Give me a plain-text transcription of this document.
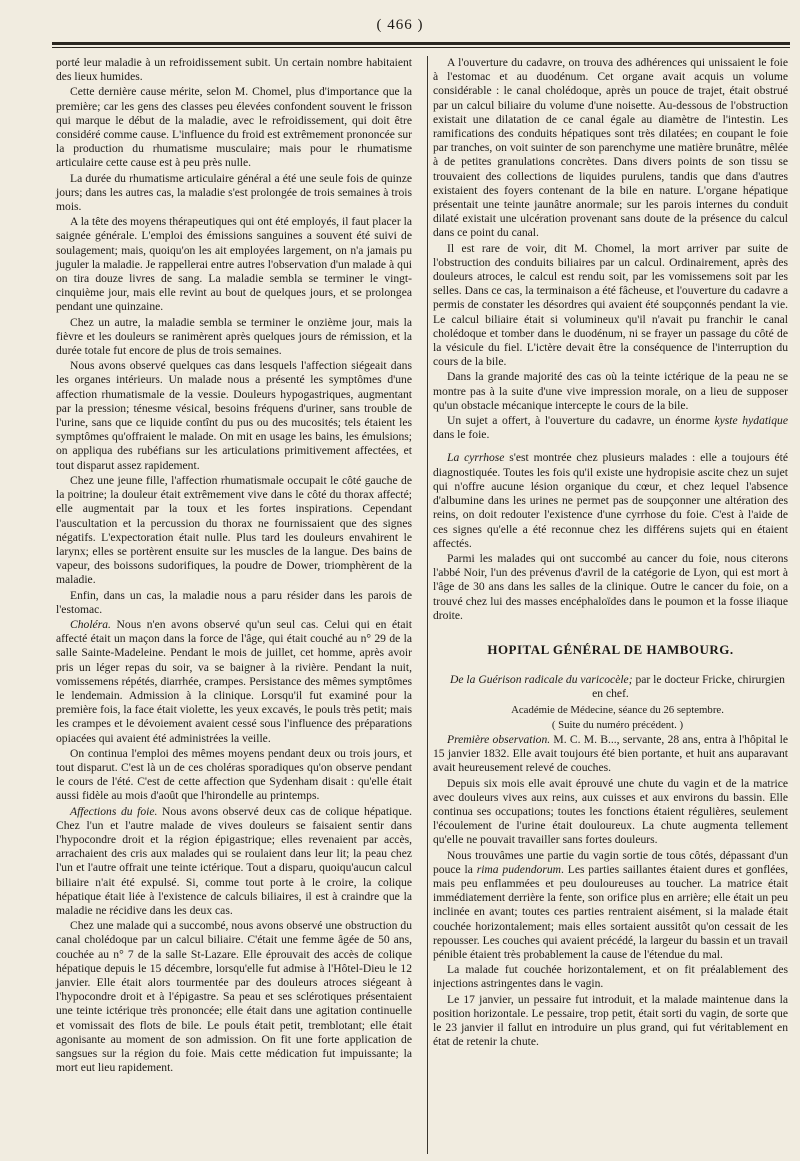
( 466 )

porté leur maladie à un refroidissement subit. Un certain nombre habitaient des lieux humides.

Cette dernière cause mérite, selon M. Chomel, plus d'importance que la première; car les gens des classes peu élevées confondent souvent le frisson qui marque le début de la maladie, avec le refroidissement, qui doit être considéré comme cause. L'influence du froid est extrêmement prononcée sur la production du rhumatisme musculaire; mais pour le rhumatisme articulaire cette cause est à peu près nulle.

La durée du rhumatisme articulaire général a été une seule fois de quinze jours; dans les autres cas, la maladie s'est prolongée de trois semaines à trois mois.

A la tête des moyens thérapeutiques qui ont été employés, il faut placer la saignée générale. L'emploi des émissions sanguines a souvent été suivi de soulagement; mais, quoiqu'on les ait employées largement, on n'a jamais pu juguler la maladie. Je rappellerai entre autres l'observation d'un malade à qui on tira douze livres de sang. La maladie sembla se terminer le vingt-cinquième jour, mais elle revint au bout de quelques jours, et se prolongea pendant une quinzaine.

Chez un autre, la maladie sembla se terminer le onzième jour, mais la fièvre et les douleurs se ranimèrent après quelques jours de rémission, et la durée totale fut encore de plus de trois semaines.

Nous avons observé quelques cas dans lesquels l'affection siégeait dans les organes intérieurs. Un malade nous a présenté les symptômes d'une affection rhumatismale de la vessie. Douleurs hypogastriques, augmentant par la pression; ténesme vésical, besoins fréquens d'uriner, sans trouble de l'urine, sans que ce liquide contînt du pus ou des mucosités; tels étaient les symptômes qu'offraient le malade. On mit en usage les bains, les émulsions; on appliqua des rubéfians sur les articulations primitivement affectées, et tout disparut assez rapidement.

Chez une jeune fille, l'affection rhumatismale occupait le côté gauche de la poitrine; la douleur était extrêmement vive dans le côté du thorax affecté; elle augmentait par la toux et les fortes inspirations. Cependant l'auscultation et la percussion du thorax ne fournissaient que des signes négatifs. L'expectoration était nulle. Plus tard les douleurs envahirent le larynx; elles se portèrent ensuite sur les muscles de la langue. Des bains de vapeur, des boissons sudorifiques, la poudre de Dower, triomphèrent de la maladie.

Enfin, dans un cas, la maladie nous a paru résider dans les parois de l'estomac.

Choléra. Nous n'en avons observé qu'un seul cas. Celui qui en était affecté était un maçon dans la force de l'âge, qui était couché au n° 29 de la salle Sainte-Madeleine. Pendant le mois de juillet, cet homme, après avoir pris un léger repas du soir, va se baigner à la rivière. Pendant la nuit, vomissemens répétés, diarrhée, crampes. Persistance des mêmes symptômes le lendemain. Admission à la clinique. Lorsqu'il fut examiné pour la première fois, la face était violette, les yeux excavés, le pouls très petit; mais les crampes et le dévoiement avaient cessé sous l'influence des préparations opiacées qui avaient été administrées la veille.

On continua l'emploi des mêmes moyens pendant deux ou trois jours, et tout disparut. C'est là un de ces choléras sporadiques qu'on observe pendant le cours de l'été. C'est de cette affection que Sydenham disait : qu'elle était aussi fidèle au mois d'août que l'hirondelle au printemps.

Affections du foie. Nous avons observé deux cas de colique hépatique. Chez l'un et l'autre malade de vives douleurs se faisaient sentir dans l'hypocondre droit et la région épigastrique; elles revenaient par accès, arrachaient des cris aux malades qui se roulaient dans leur lit; la peau chez l'un et l'autre offrait une teinte ictérique. Tout a disparu, quoiqu'aucun calcul biliaire n'ait été expulsé. Si, comme tout porte à le croire, la colique hépatique était liée à l'existence de calculs biliaires, il est à craindre que la maladie ne récidive dans les deux cas.

Chez une malade qui a succombé, nous avons observé une obstruction du canal cholédoque par un calcul biliaire. C'était une femme âgée de 50 ans, couchée au n° 7 de la salle St-Lazare. Elle éprouvait des accès de colique hépatique depuis le 15 décembre, lorsqu'elle fut admise à l'Hôtel-Dieu le 12 janvier. Elle était alors tourmentée par des douleurs atroces siégeant à l'hypocondre droit et à l'épigastre. Sa peau et ses sclérotiques présentaient une teinte ictérique très prononcée; elle était dans une agitation continuelle et vomissait des flots de bile. Le pouls était petit, tremblotant; elle était agonisante au moment de son admission. On fit une forte application de sangsues sur la région du foie. Mais cette médication fut impuissante; la mort eut lieu rapidement.

A l'ouverture du cadavre, on trouva des adhérences qui unissaient le foie à l'estomac et au duodénum. Cet organe avait acquis un volume considérable : le canal cholédoque, après un pouce de trajet, était obstrué par un calcul biliaire du volume d'une noisette. Au-dessous de l'obstruction existait une dilatation de ce canal égale au diamètre de l'intestin. Les ramifications des conduits hépatiques sont très dilatées; en coupant le foie par tranches, on voit suinter de son parenchyme une matière brunâtre, mêlée à de petites granulations concrètes. Dans divers points de son tissu se trouvaient des collections de liquides purulens, tandis que dans d'autres existaient des foyers contenant de la bile en nature. L'organe hépatique présentait une teinte jaunâtre anormale; sur les parois internes du conduit dilaté existait une ulcération provenant sans doute de la présence du calcul dans ce point du canal.

Il est rare de voir, dit M. Chomel, la mort arriver par suite de l'obstruction des conduits biliaires par un calcul. Ordinairement, après des douleurs atroces, le calcul est rendu soit, par les vomissemens soit par les selles. Dans ce cas, la terminaison a été fâcheuse, et l'ouverture du cadavre a permis de constater les désordres qui avaient été soupçonnés pendant la vie. Le calcul biliaire était si volumineux qu'il n'avait pu franchir le canal cholédoque et tomber dans le duodénum, ni se frayer un passage du côté de la vésicule du fiel. L'ictère devait être la conséquence de l'interruption du cours de la bile.

Dans la grande majorité des cas où la teinte ictérique de la peau ne se montre pas à la suite d'une vive impression morale, on a lieu de supposer qu'un obstacle mécanique intercepte le cours de la bile.

Un sujet a offert, à l'ouverture du cadavre, un énorme kyste hydatique dans le foie.

La cyrrhose s'est montrée chez plusieurs malades : elle a toujours été diagnostiquée. Toutes les fois qu'il existe une hydropisie ascite chez un sujet qui n'offre aucune lésion organique du cœur, et chez lequel l'absence d'albumine dans les urines ne permet pas de soupçonner une altération des reins, on doit redouter l'existence d'une cyrrhose du foie. C'est à l'aide de ces signes qu'elle a été reconnue chez les différens sujets qui en étaient affectés.

Parmi les malades qui ont succombé au cancer du foie, nous citerons l'abbé Noir, l'un des prévenus d'avril de la catégorie de Lyon, qui est mort à l'âge de 30 ans dans les salles de la clinique. Outre le cancer du foie, on a trouvé chez lui des masses encéphaloïdes dans le poumon et la fosse iliaque droite.

HOPITAL GÉNÉRAL DE HAMBOURG.

De la Guérison radicale du varicocèle; par le docteur Fricke, chirurgien en chef.

Académie de Médecine, séance du 26 septembre.

( Suite du numéro précédent. )

Première observation. M. C. M. B..., servante, 28 ans, entra à l'hôpital le 15 janvier 1832. Elle avait toujours été bien portante, et huit ans auparavant avait heureusement relevé de couches.

Depuis six mois elle avait éprouvé une chute du vagin et de la matrice avec douleurs vives aux reins, aux cuisses et aux environs du bassin. Elle continua ses occupations; toutes les fonctions étaient régulières, seulement l'écoulement de l'urine était douloureux. La chute augmenta tellement qu'elle ne pouvait travailler sans fortes douleurs.

Nous trouvâmes une partie du vagin sortie de tous côtés, dépassant d'un pouce la rima pudendorum. Les parties saillantes étaient dures et gonflées, mais peu enflammées et peu douloureuses au toucher. La matrice était immédiatement derrière la fente, son orifice plus en arrière; elle était un peu inclinée en avant; toutes ces parties rentraient aisément, si la malade était couchée horizontalement; mais elles sortaient aussitôt qu'on cessait de les repousser. Les couches qui avaient précédé, la largeur du bassin et un travail pénible étaient très probablement la cause de l'étendue du mal.

La malade fut couchée horizontalement, et on fit préalablement des injections astringentes dans le vagin.

Le 17 janvier, un pessaire fut introduit, et la malade maintenue dans la position horizontale. Le pessaire, trop petit, était sorti du vagin, de sorte que le 23 janvier il fallut en introduire un plus grand, qui fut véritablement en état de retenir la chute.
